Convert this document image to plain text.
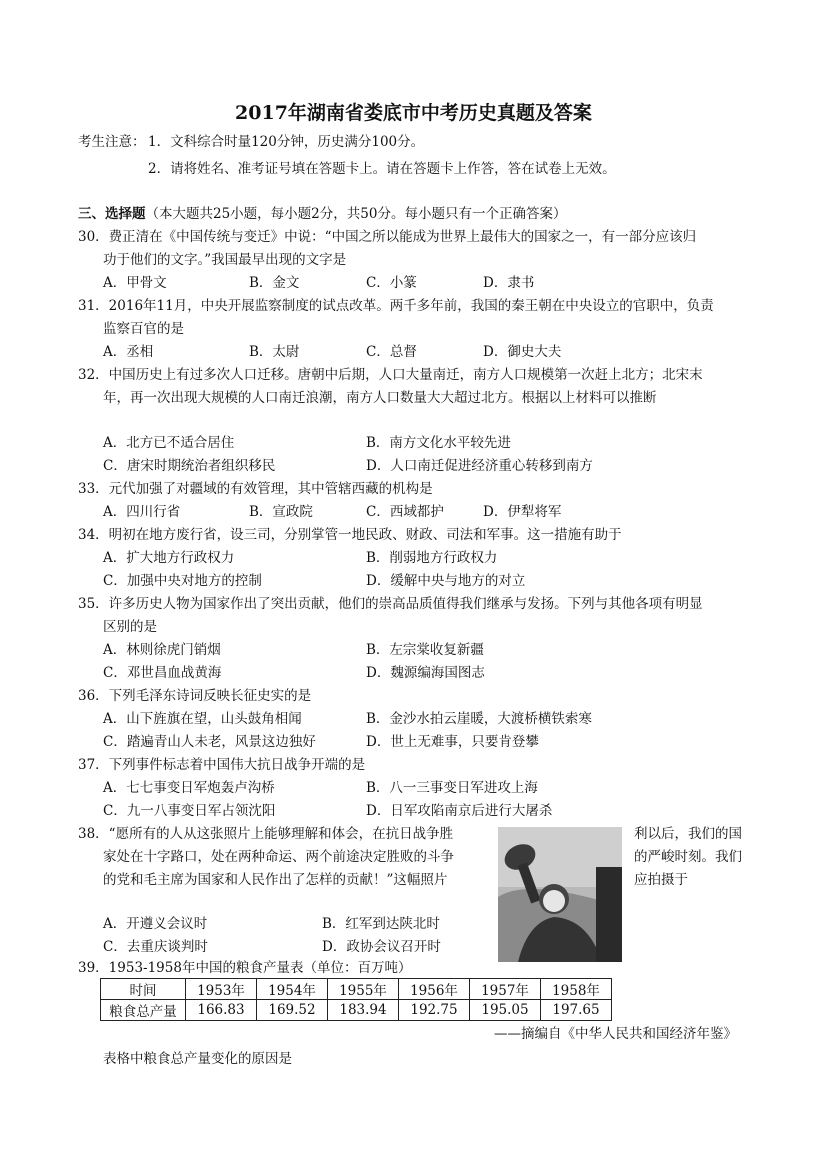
2017年湖南省娄底市中考历史真题及答案
考生注意： 1．文科综合时量120分钟，历史满分100分。
2．请将姓名、准考证号填在答题卡上。请在答题卡上作答，答在试卷上无效。
三、选择题（本大题共25小题，每小题2分，共50分。每小题只有一个正确答案）
30．费正清在《中国传统与变迁》中说：“中国之所以能成为世界上最伟大的国家之一，有一部分应该归
功于他们的文字。”我国最早出现的文字是
A．甲骨文	B．金文	C．小篆	D．隶书
31．2016年11月，中央开展监察制度的试点改革。两千多年前，我国的秦王朝在中央设立的官职中，负责
监察百官的是
A．丞相	B．太尉	C．总督	D．御史大夫
32．中国历史上有过多次人口迁移。唐朝中后期，人口大量南迁，南方人口规模第一次赶上北方；北宋末
年，再一次出现大规模的人口南迁浪潮，南方人口数量大大超过北方。根据以上材料可以推断
A．北方已不适合居住	B．南方文化水平较先进
C．唐宋时期统治者组织移民	D．人口南迁促进经济重心转移到南方
33．元代加强了对疆域的有效管理，其中管辖西藏的机构是
A．四川行省	B．宣政院	C．西域都护	D．伊犁将军
34．明初在地方废行省，设三司，分别掌管一地民政、财政、司法和军事。这一措施有助于
A．扩大地方行政权力	B．削弱地方行政权力
C．加强中央对地方的控制	D．缓解中央与地方的对立
35．许多历史人物为国家作出了突出贡献，他们的崇高品质值得我们继承与发扬。下列与其他各项有明显
区别的是
A．林则徐虎门销烟	B．左宗棠收复新疆
C．邓世昌血战黄海	D．魏源编海国图志
36．下列毛泽东诗词反映长征史实的是
A．山下旌旗在望，山头鼓角相闻	B．金沙水拍云崖暖，大渡桥横铁索寒
C．踏遍青山人未老，风景这边独好	D．世上无难事，只要肯登攀
37．下列事件标志着中国伟大抗日战争开端的是
A．七七事变日军炮轰卢沟桥	B．八一三事变日军进攻上海
C．九一八事变日军占领沈阳	D．日军攻陷南京后进行大屠杀
38．“愿所有的人从这张照片上能够理解和体会，在抗日战争胜	利以后，我们的国
家处在十字路口，处在两种命运、两个前途决定胜败的斗争	的严峻时刻。我们
的党和毛主席为国家和人民作出了怎样的贡献！”这幅照片	应拍摄于
A．开遵义会议时	B．红军到达陕北时
C．去重庆谈判时	D．政协会议召开时
39．1953-1958年中国的粮食产量表（单位：百万吨）
时间	1953年	1954年	1955年	1956年	1957年	1958年
粮食总产量	166.83	169.52	183.94	192.75	195.05	197.65
——摘编自《中华人民共和国经济年鉴》
表格中粮食总产量变化的原因是
